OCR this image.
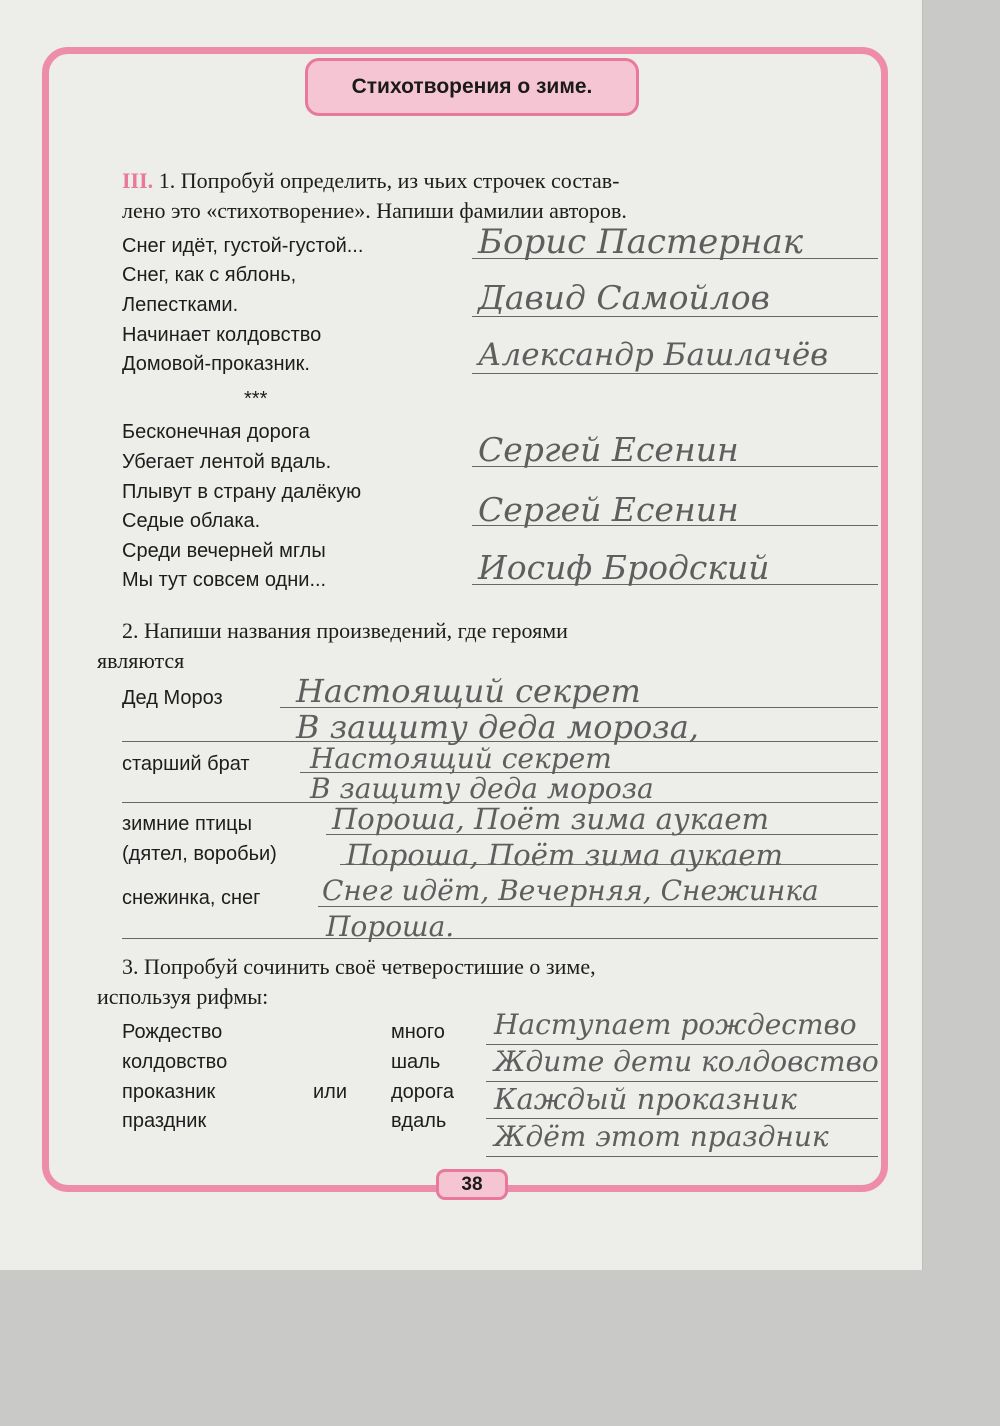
Стихотворения о зиме.
III. 1. Попробуй определить, из чьих строчек состав-
лено это «стихотворение». Напиши фамилии авторов.
Снег идёт, густой-густой...
Снег, как с яблонь,
Лепестками.
Начинает колдовство
Домовой-проказник.
***
Бесконечная дорога
Убегает лентой вдаль.
Плывут в страну далёкую
Седые облака.
Среди вечерней мглы
Мы тут совсем одни...
Борис Пастернак
Давид Самойлов
Александр Башлачёв
Сергей Есенин
Сергей Есенин
Иосиф Бродский
2. Напиши названия произведений, где героями
являются
Дед Мороз
старший брат
зимние птицы
(дятел, воробьи)
снежинка, снег
Настоящий секрет
В защиту деда мороза,
Настоящий секрет
В защиту деда мороза
Пороша, Поёт зима аукает
Пороша, Поёт зима аукает
Снег идёт, Вечерняя, Снежинка
Пороша.
3. Попробуй сочинить своё четверостишие о зиме,
используя рифмы:
Рождество
колдовство
проказник
праздник
или
много
шаль
дорога
вдаль
Наступает рождество
Ждите дети колдовство
Каждый проказник
Ждёт этот праздник
38
